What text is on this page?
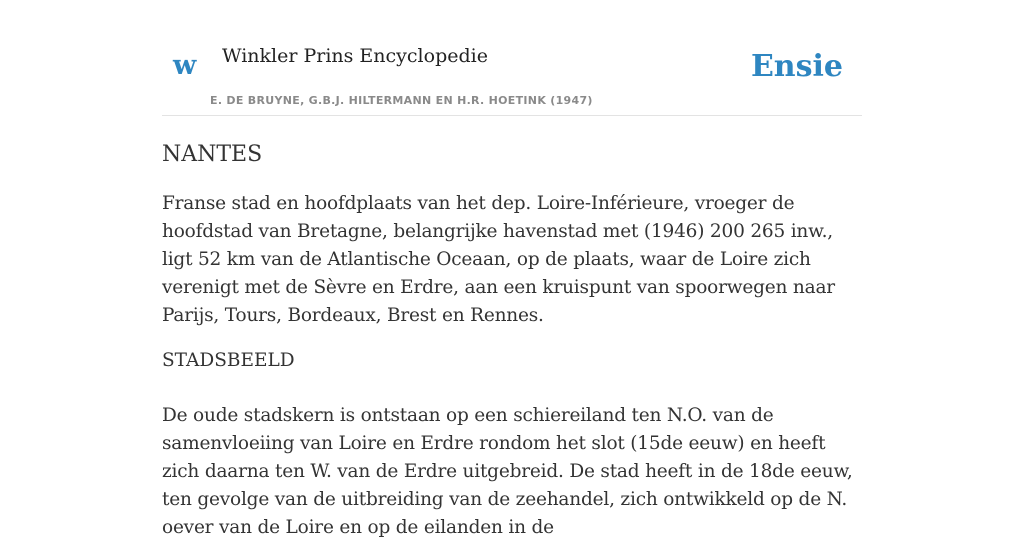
w Winkler Prins Encyclopedie
E. DE BRUYNE, G.B.J. HILTERMANN EN H.R. HOETINK (1947)
Ensie
NANTES

Franse stad en hoofdplaats van het dep. Loire-Inférieure, vroeger de hoofdstad van Bretagne, belangrijke havenstad met (1946) 200 265 inw., ligt 52 km van de Atlantische Oceaan, op de plaats, waar de Loire zich verenigt met de Sèvre en Erdre, aan een kruispunt van spoorwegen naar Parijs, Tours, Bordeaux, Brest en Rennes.

STADSBEELD

De oude stadskern is ontstaan op een schiereiland ten N.O. van de samenvloeiing van Loire en Erdre rondom het slot (15de eeuw) en heeft zich daarna ten W. van de Erdre uitgebreid. De stad heeft in de 18de eeuw, ten gevolge van de uitbreiding van de zeehandel, zich ontwikkeld op de N. oever van de Loire en op de eilanden in de
